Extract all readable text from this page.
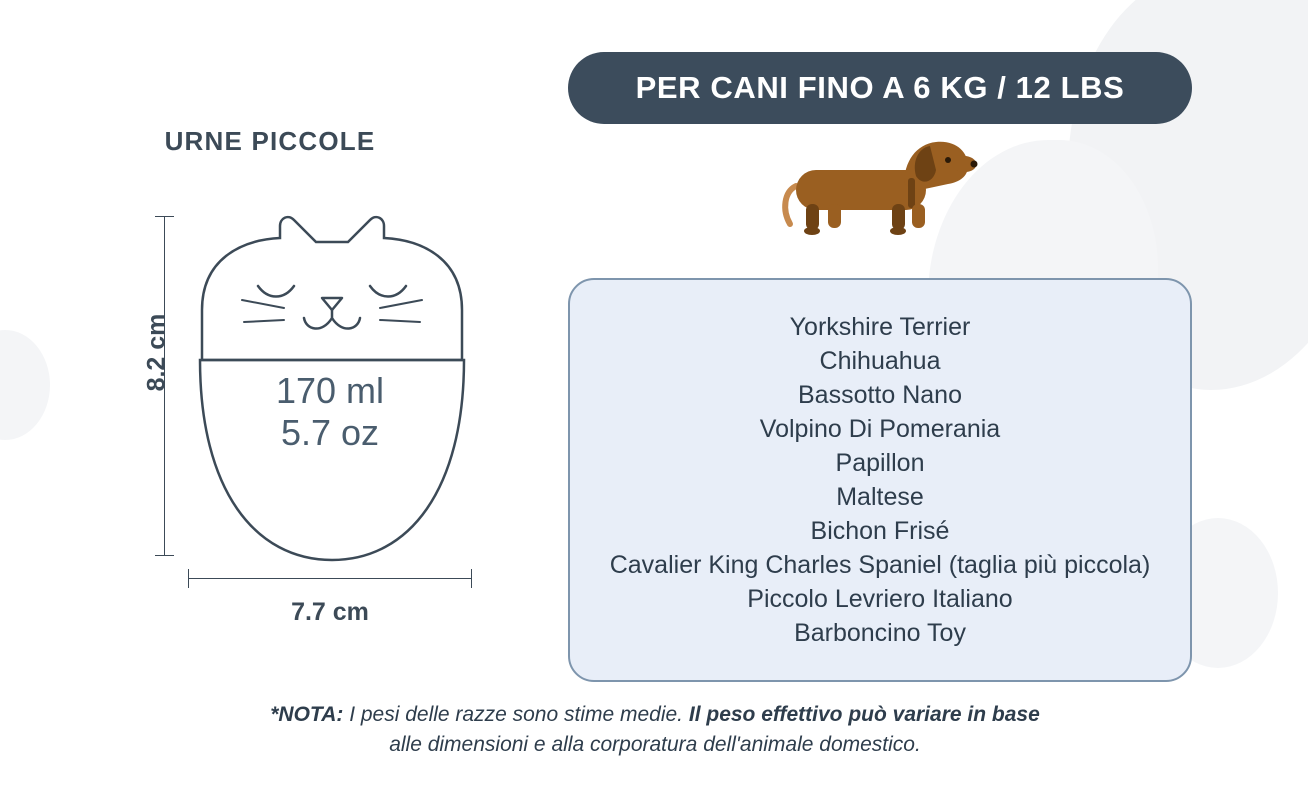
URNE PICCOLE
8.2 cm
7.7 cm
170 ml
5.7 oz
PER CANI FINO A 6 KG / 12 LBS
Yorkshire Terrier
Chihuahua
Bassotto Nano
Volpino Di Pomerania
Papillon
Maltese
Bichon Frisé
Cavalier King Charles Spaniel (taglia più piccola)
Piccolo Levriero Italiano
Barboncino Toy
*NOTA: I pesi delle razze sono stime medie. Il peso effettivo può variare in base
alle dimensioni e alla corporatura dell'animale domestico.
